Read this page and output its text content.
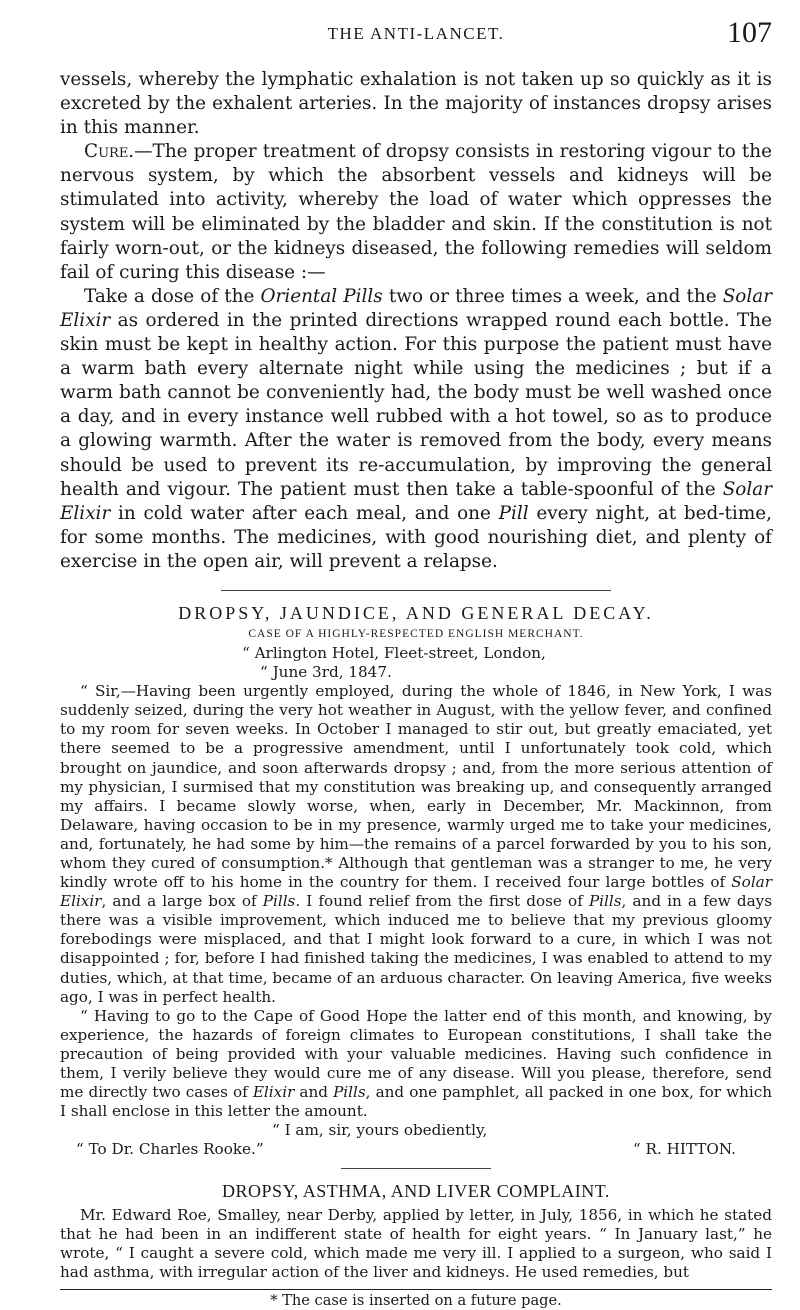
THE ANTI-LANCET.	107

vessels, whereby the lymphatic exhalation is not taken up so quickly as it is excreted by the exhalent arteries. In the majority of instances dropsy arises in this manner.

Cure.—The proper treatment of dropsy consists in restoring vigour to the nervous system, by which the absorbent vessels and kidneys will be stimulated into activity, whereby the load of water which oppresses the system will be eliminated by the bladder and skin. If the constitution is not fairly worn-out, or the kidneys diseased, the following remedies will seldom fail of curing this disease :—

Take a dose of the Oriental Pills two or three times a week, and the Solar Elixir as ordered in the printed directions wrapped round each bottle. The skin must be kept in healthy action. For this purpose the patient must have a warm bath every alternate night while using the medicines ; but if a warm bath cannot be conveniently had, the body must be well washed once a day, and in every instance well rubbed with a hot towel, so as to produce a glowing warmth. After the water is removed from the body, every means should be used to prevent its re-accumulation, by improving the general health and vigour. The patient must then take a table-spoonful of the Solar Elixir in cold water after each meal, and one Pill every night, at bed-time, for some months. The medicines, with good nourishing diet, and plenty of exercise in the open air, will prevent a relapse.

DROPSY, JAUNDICE, AND GENERAL DECAY.
CASE OF A HIGHLY-RESPECTED ENGLISH MERCHANT.
“ Arlington Hotel, Fleet-street, London,
“ June 3rd, 1847.

“ Sir,—Having been urgently employed, during the whole of 1846, in New York, I was suddenly seized, during the very hot weather in August, with the yellow fever, and confined to my room for seven weeks. In October I managed to stir out, but greatly emaciated, yet there seemed to be a progressive amendment, until I unfortunately took cold, which brought on jaundice, and soon afterwards dropsy ; and, from the more serious attention of my physician, I surmised that my constitution was breaking up, and consequently arranged my affairs. I became slowly worse, when, early in December, Mr. Mackinnon, from Delaware, having occasion to be in my presence, warmly urged me to take your medicines, and, fortunately, he had some by him—the remains of a parcel forwarded by you to his son, whom they cured of consumption.* Although that gentleman was a stranger to me, he very kindly wrote off to his home in the country for them. I received four large bottles of Solar Elixir, and a large box of Pills. I found relief from the first dose of Pills, and in a few days there was a visible improvement, which induced me to believe that my previous gloomy forebodings were misplaced, and that I might look forward to a cure, in which I was not disappointed ; for, before I had finished taking the medicines, I was enabled to attend to my duties, which, at that time, became of an arduous character. On leaving America, five weeks ago, I was in perfect health.

“ Having to go to the Cape of Good Hope the latter end of this month, and knowing, by experience, the hazards of foreign climates to European constitutions, I shall take the precaution of being provided with your valuable medicines. Having such confidence in them, I verily believe they would cure me of any disease. Will you please, therefore, send me directly two cases of Elixir and Pills, and one pamphlet, all packed in one box, for which I shall enclose in this letter the amount.

“ I am, sir, yours obediently,
“ To Dr. Charles Rooke.”	“ R. HITTON.
DROPSY, ASTHMA, AND LIVER COMPLAINT.

Mr. Edward Roe, Smalley, near Derby, applied by letter, in July, 1856, in which he stated that he had been in an indifferent state of health for eight years. “ In January last,” he wrote, “ I caught a severe cold, which made me very ill. I applied to a surgeon, who said I had asthma, with irregular action of the liver and kidneys. He used remedies, but

* The case is inserted on a future page.
